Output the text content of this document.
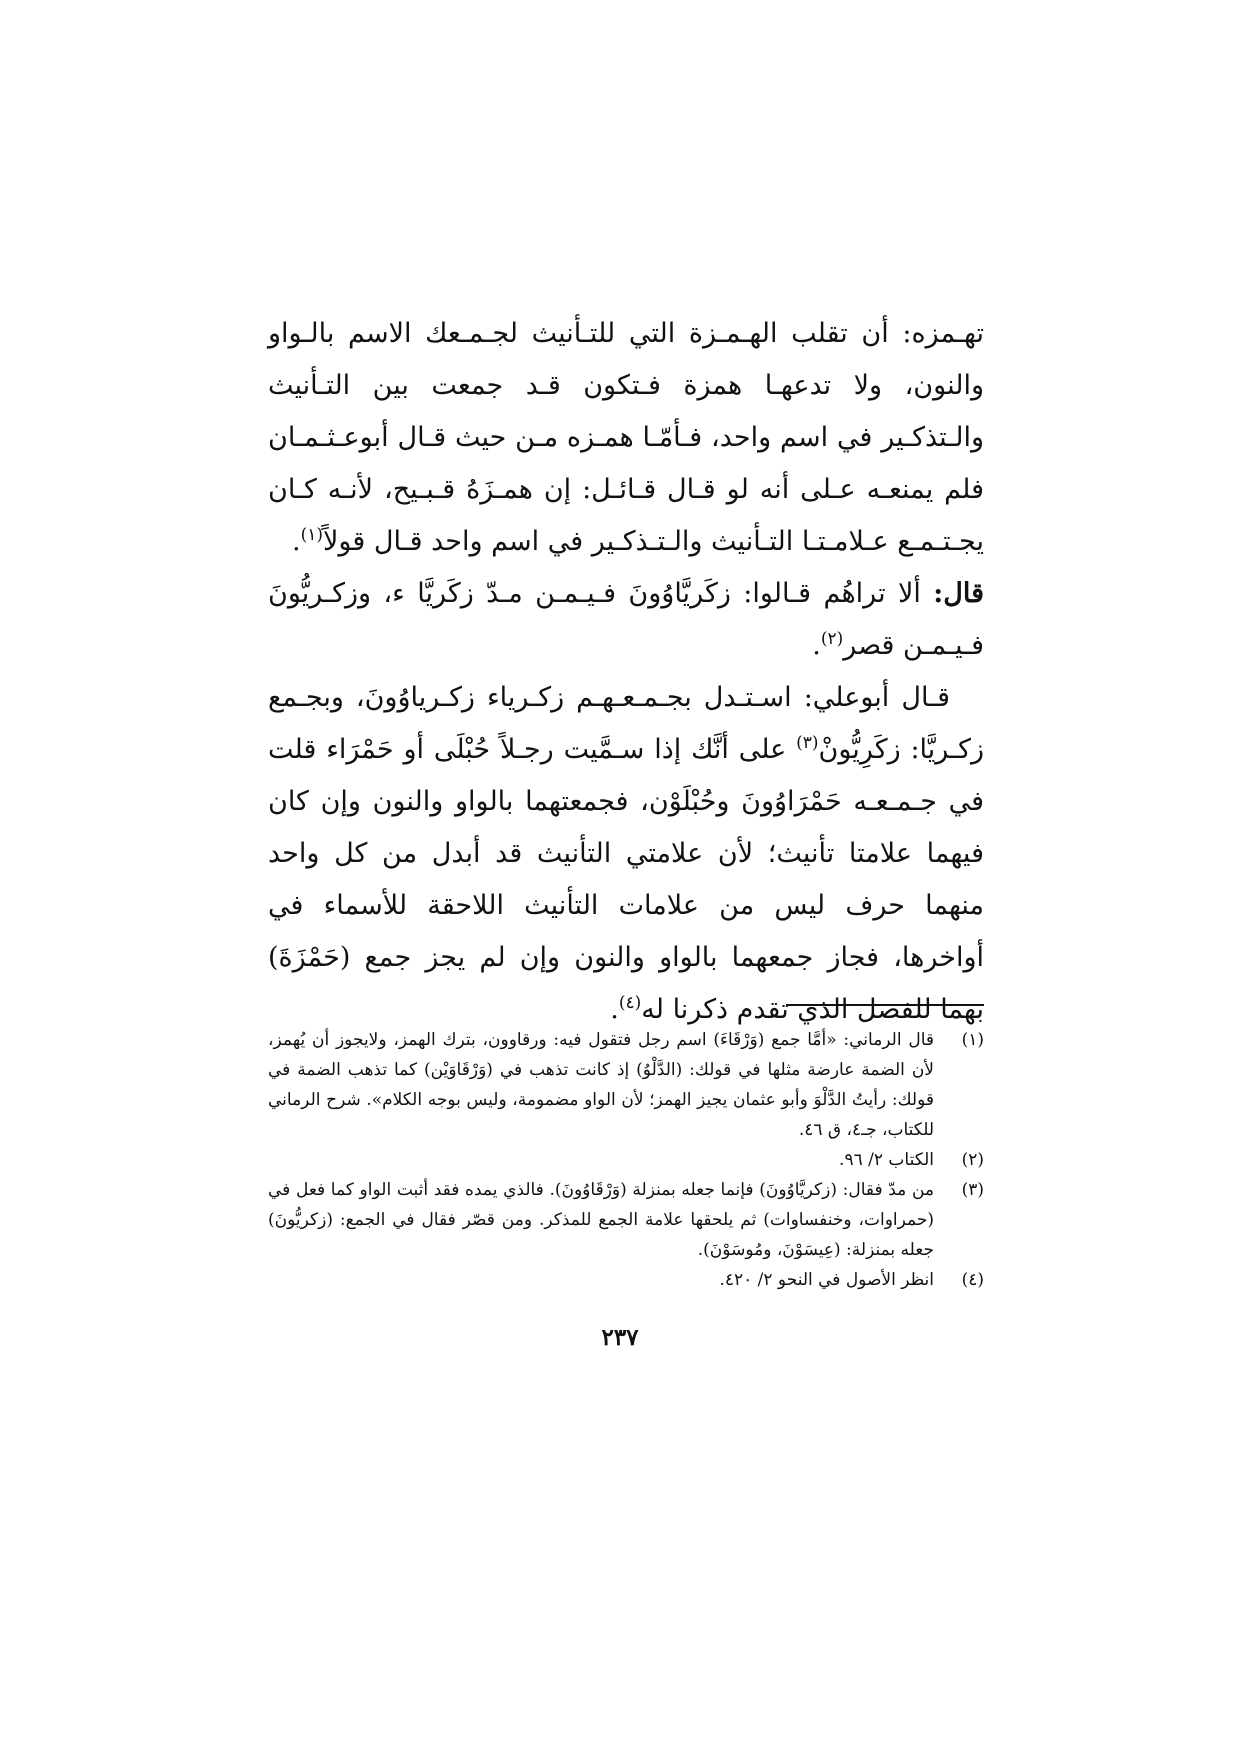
تهـمزه: أن تقلب الهـمـزة التي للتـأنيث لجـمـعك الاسم بالـواو والنون، ولا تدعهـا همزة فـتكون قـد جمعت بين التـأنيث والـتذكـير في اسم واحد، فـأمّـا همـزه مـن حيث قـال أبوعـثـمـان فلم يمنعـه عـلى أنه لو قـال قـائـل: إن همـزَهُ قـبـيح، لأنـه كـان يجـتـمـع عـلامـتـا التـأنيث والـتـذكـير في اسم واحد قـال قولاً$^{(١)}$.

قال: ألا تراهُم قـالوا: زكَريَّاوُونَ فـيـمـن مـدّ زكَريَّا ء، وزكـريُّونَ فـيـمـن قصر$^{(٢)}$.

قـال أبوعلي: اسـتـدل بجـمـعـهـم زكـرياء زكـرياوُونَ، وبجـمع زكـريَّا: زكَرِيُّونْ$^{(٣)}$ على أنَّك إذا سـمَّيت رجـلاً حُبْلَى أو حَمْرَاء قلت في جـمـعـه حَمْرَاوُونَ وحُبْلَوْن، فجمعتهما بالواو والنون وإن كان فيهما علامتا تأنيث؛ لأن علامتي التأنيث قد أبدل من كل واحد منهما حرف ليس من علامات التأنيث اللاحقة للأسماء في أواخرها، فجاز جمعهما بالواو والنون وإن لم يجز جمع (حَمْزَةَ) بهما للفصل الذي تقدم ذكرنا له$^{(٤)}$.

(١)
قال الرماني: «أمَّا جمع (وَرْقَاءَ) اسم رجل فتقول فيه: ورقاوون، بترك الهمز، ولايجوز أن يُهمز، لأن الضمة عارضة مثلها في قولك: (الدَّلْوُ) إذ كانت تذهب في (وَرْقَاوَيْن) كما تذهب الضمة في قولك: رأيتُ الدَّلْوَ وأبو عثمان يجيز الهمز؛ لأن الواو مضمومة، وليس بوجه الكلام». شرح الرماني للكتاب، جـ٤، ق ٤٦.
(٢)
الكتاب ٢/ ٩٦.
(٣)
من مدّ فقال: (زكريَّاوُونَ) فإنما جعله بمنزلة (وَرْقَاوُونَ). فالذي يمده فقد أثبت الواو كما فعل في (حمراوات، وخنفساوات) ثم يلحقها علامة الجمع للمذكر. ومن قصّر فقال في الجمع: (زكريُّونَ) جعله بمنزلة: (عِيسَوْنَ، ومُوسَوْنَ).
(٤)
انظر الأصول في النحو ٢/ ٤٢٠.
٢٣٧
